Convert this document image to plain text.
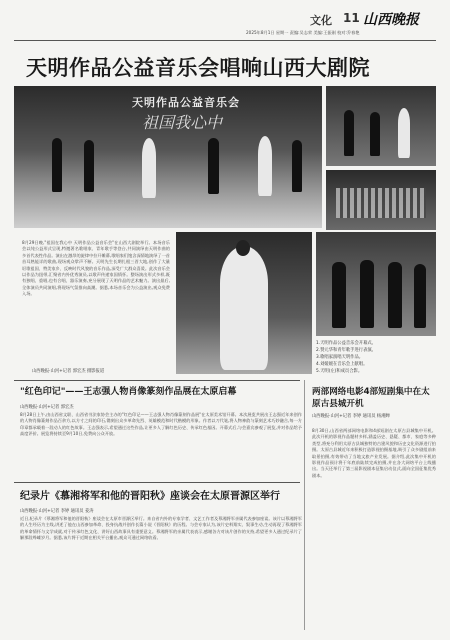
文化 11 山西晚报
2025年8月1日 星期一 责编:吴志荣 美编:王振刚 校对:乔春艳
天明作品公益音乐会唱响山西大剧院
天明作品公益音乐会
祖国我心中
8月29日晚,"祖国在我心中 天明作品公益音乐会"在山西大剧院举行。本场音乐会以纯公益形式呈现,特邀著名歌唱家、青年歌手等登台,共同演绎由天明作曲的多首代表性作品。演出在激昂的旋律中拉开帷幕,歌唱家们饱含深情地演绎了一首首耳熟能详的歌曲,现场观众掌声不断。天明先生长期扎根三晋大地,创作了大量讴歌祖国、赞美家乡、反映时代风貌的音乐作品,深受广大群众喜爱。此次音乐会以作品为纽带,汇聚省内外优秀演员,以歌声传递家国情怀。整场演出形式多样,既有独唱、重唱,也有合唱、器乐演奏,充分展现了天明作品的艺术魅力。演出最后,全体演员共同演唱,将现场气氛推向高潮。据悉,本场音乐会为公益演出,观众免费入场。
山西晚报·山河+记者 郭宏杰 摄影报道
1.天明作品公益音乐会开幕式。
2.赞元华和青年歌手进行表演。
3.歌唱家演唱天明作品。
4.刘媛媛在音乐会上献唱。
5.天明(左)和成员合影。
"红色印记"——王志强人物肖像篆刻作品展在太原启幕
山西晚报·山河+记者 郭宏杰
8月28日上午,由山西省文联、山西省书法家协会主办的"红色印记——王志强人物肖像篆刻作品展"在太原美术馆开幕。本次展览共展出王志强近年来创作的人物肖像篆刻作品百余方,以方寸之间的印石,镌刻出众多革命先烈、英雄模范和时代楷模的形象。作者以刀代笔,将人物神韵与篆刻艺术巧妙融合,每一方印章都承载着一段动人的红色故事。王志强表示,希望通过这些作品,让更多人了解红色历史、传承红色基因。开幕式后,与会嘉宾参观了展览,并对作品给予高度评价。展览将持续至9月10日,免费向公众开放。
纪录片《慕湘将军和他的晋阳秋》座谈会在太原晋源区举行
山西晚报·山河+记者 李婷 通讯员 姜涛
近日,纪录片《慕湘将军和他的晋阳秋》座谈会在太原市晋源区举行。来自省内外的专家学者、文艺工作者及慕湘将军亲属代表参加座谈。该片以慕湘将军的人生经历为主线,讲述了他在山西参加革命、投身抗战并创作长篇小说《晋阳秋》的历程。与会专家认为,该片史料翔实、叙事生动,生动再现了慕湘将军的革命情怀与文学成就,对于传承红色文化、讲好山西故事具有重要意义。慕湘将军的亲属代表表示,感谢各方对该片创作的支持,希望更多人通过纪录片了解那段峥嵘岁月。据悉,该片将于近期在相关平台播出,观众可通过网络收看。
两部网络电影4部短剧集中在太原古县城开机
山西晚报·山河+记者 李婷 通讯员 杨湘婵
8月30日,山西省两部网络电影和4部短剧在太原古县城集中开机。此次开机的影视作品题材多样,涵盖历史、悬疑、都市、家庭等多种类型,将充分利用太原古县城独特的古建风貌和历史文化资源进行拍摄。太原古县城近年来积极打造影视拍摄基地,吸引了众多剧组前来取景拍摄,有效带动了当地文旅产业发展。据介绍,此次集中开机的影视作品预计将于年底前陆续完成拍摄,并在各大网络平台上线播出。当天还举行了第三届影视剧本征集启动仪式,面向全国征集优秀剧本。
